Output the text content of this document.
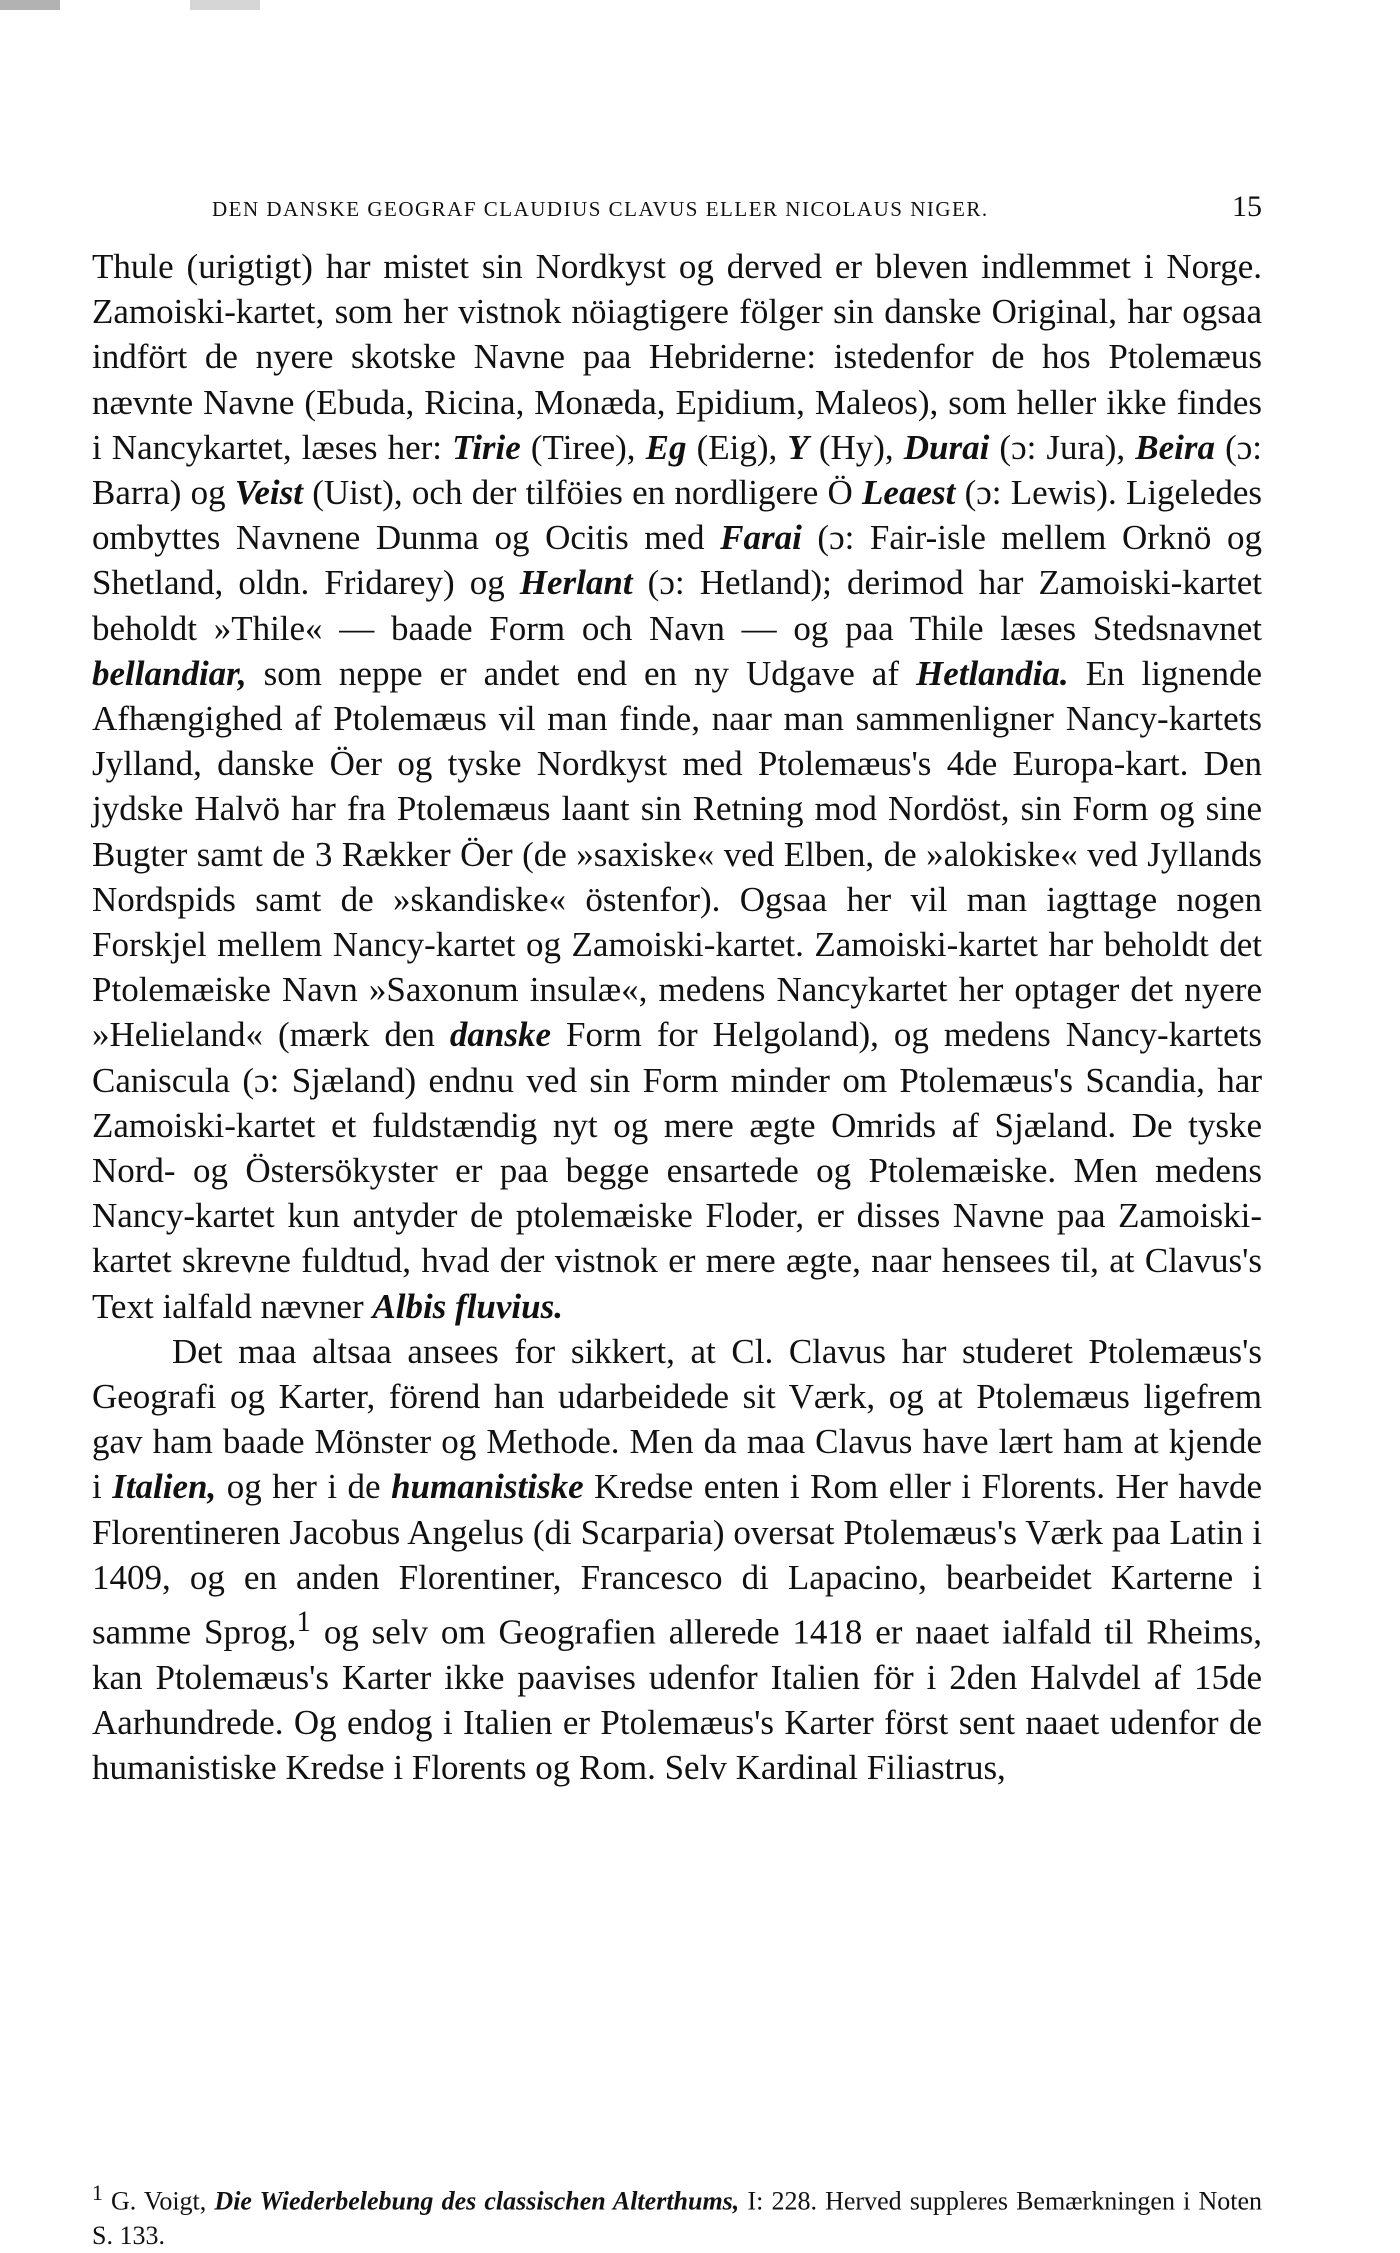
DEN DANSKE GEOGRAF CLAUDIUS CLAVUS ELLER NICOLAUS NIGER.	15

Thule (urigtigt) har mistet sin Nordkyst og derved er bleven indlemmet i Norge. Zamoiski-kartet, som her vistnok nöiagtigere fölger sin danske Original, har ogsaa indfört de nyere skotske Navne paa Hebriderne: istedenfor de hos Ptolemæus nævnte Navne (Ebuda, Ricina, Monæda, Epidium, Maleos), som heller ikke findes i Nancykartet, læses her: Tirie (Tiree), Eg (Eig), Y (Hy), Durai (ɔ: Jura), Beira (ɔ: Barra) og Veist (Uist), och der tilföies en nordligere Ö Leaest (ɔ: Lewis). Ligeledes ombyttes Navnene Dunma og Ocitis med Farai (ɔ: Fair-isle mellem Orknö og Shetland, oldn. Fridarey) og Herlant (ɔ: Hetland); derimod har Zamoiski-kartet beholdt »Thile« — baade Form och Navn — og paa Thile læses Stedsnavnet bellandiar, som neppe er andet end en ny Udgave af Hetlandia. En lignende Afhængighed af Ptolemæus vil man finde, naar man sammenligner Nancy-kartets Jylland, danske Öer og tyske Nordkyst med Ptolemæus's 4de Europa-kart. Den jydske Halvö har fra Ptolemæus laant sin Retning mod Nordöst, sin Form og sine Bugter samt de 3 Rækker Öer (de »saxiske« ved Elben, de »alokiske« ved Jyllands Nordspids samt de »skandiske« östenfor). Ogsaa her vil man iagttage nogen Forskjel mellem Nancy-kartet og Zamoiski-kartet. Zamoiski-kartet har beholdt det Ptolemæiske Navn »Saxonum insulæ«, medens Nancykartet her optager det nyere »Helieland« (mærk den danske Form for Helgoland), og medens Nancy-kartets Caniscula (ɔ: Sjæland) endnu ved sin Form minder om Ptolemæus's Scandia, har Zamoiski-kartet et fuldstændig nyt og mere ægte Omrids af Sjæland. De tyske Nord- og Östersökyster er paa begge ensartede og Ptolemæiske. Men medens Nancy-kartet kun antyder de ptolemæiske Floder, er disses Navne paa Zamoiski-kartet skrevne fuldtud, hvad der vistnok er mere ægte, naar hensees til, at Clavus's Text ialfald nævner Albis fluvius.

Det maa altsaa ansees for sikkert, at Cl. Clavus har studeret Ptolemæus's Geografi og Karter, förend han udarbeidede sit Værk, og at Ptolemæus ligefrem gav ham baade Mönster og Methode. Men da maa Clavus have lært ham at kjende i Italien, og her i de humanistiske Kredse enten i Rom eller i Florents. Her havde Florentineren Jacobus Angelus (di Scarparia) oversat Ptolemæus's Værk paa Latin i 1409, og en anden Florentiner, Francesco di Lapacino, bearbeidet Karterne i samme Sprog,$^1$ og selv om Geografien allerede 1418 er naaet ialfald til Rheims, kan Ptolemæus's Karter ikke paavises udenfor Italien för i 2den Halvdel af 15de Aarhundrede. Og endog i Italien er Ptolemæus's Karter först sent naaet udenfor de humanistiske Kredse i Florents og Rom. Selv Kardinal Filiastrus,

$^1$ G. Voigt, Die Wiederbelebung des classischen Alterthums, I: 228. Herved suppleres Bemærkningen i Noten S. 133.
